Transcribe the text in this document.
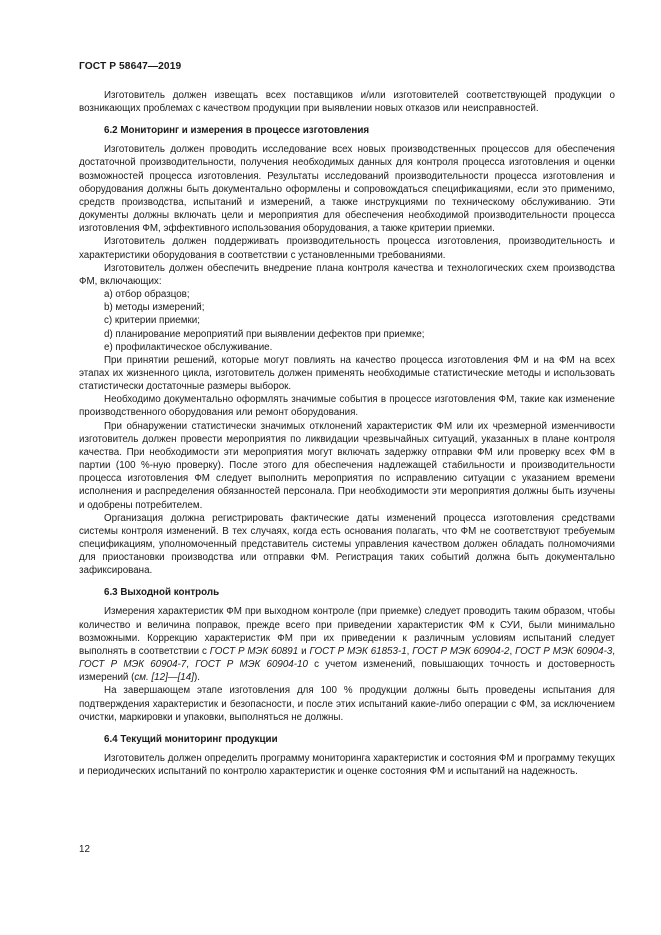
ГОСТ Р 58647—2019

Изготовитель должен извещать всех поставщиков и/или изготовителей соответствующей продукции о возникающих проблемах с качеством продукции при выявлении новых отказов или неисправностей.

6.2 Мониторинг и измерения в процессе изготовления

Изготовитель должен проводить исследование всех новых производственных процессов для обеспечения достаточной производительности, получения необходимых данных для контроля процесса изготовления и оценки возможностей процесса изготовления. Результаты исследований производительности процесса изготовления и оборудования должны быть документально оформлены и сопровождаться спецификациями, если это применимо, средств производства, испытаний и измерений, а также инструкциями по техническому обслуживанию. Эти документы должны включать цели и мероприятия для обеспечения необходимой производительности процесса изготовления ФМ, эффективного использования оборудования, а также критерии приемки.

Изготовитель должен поддерживать производительность процесса изготовления, производительность и характеристики оборудования в соответствии с установленными требованиями.

Изготовитель должен обеспечить внедрение плана контроля качества и технологических схем производства ФМ, включающих:

a) отбор образцов;
b) методы измерений;
c) критерии приемки;
d) планирование мероприятий при выявлении дефектов при приемке;
e) профилактическое обслуживание.

При принятии решений, которые могут повлиять на качество процесса изготовления ФМ и на ФМ на всех этапах их жизненного цикла, изготовитель должен применять необходимые статистические методы и использовать статистически достаточные размеры выборок.

Необходимо документально оформлять значимые события в процессе изготовления ФМ, такие как изменение производственного оборудования или ремонт оборудования.

При обнаружении статистически значимых отклонений характеристик ФМ или их чрезмерной изменчивости изготовитель должен провести мероприятия по ликвидации чрезвычайных ситуаций, указанных в плане контроля качества. При необходимости эти мероприятия могут включать задержку отправки ФМ или проверку всех ФМ в партии (100 %-ную проверку). После этого для обеспечения надлежащей стабильности и производительности процесса изготовления ФМ следует выполнить мероприятия по исправлению ситуации с указанием времени исполнения и распределения обязанностей персонала. При необходимости эти мероприятия должны быть изучены и одобрены потребителем.

Организация должна регистрировать фактические даты изменений процесса изготовления средствами системы контроля изменений. В тех случаях, когда есть основания полагать, что ФМ не соответствуют требуемым спецификациям, уполномоченный представитель системы управления качеством должен обладать полномочиями для приостановки производства или отправки ФМ. Регистрация таких событий должна быть документально зафиксирована.

6.3 Выходной контроль

Измерения характеристик ФМ при выходном контроле (при приемке) следует проводить таким образом, чтобы количество и величина поправок, прежде всего при приведении характеристик ФМ к СУИ, были минимально возможными. Коррекцию характеристик ФМ при их приведении к различным условиям испытаний следует выполнять в соответствии с ГОСТ Р МЭК 60891 и ГОСТ Р МЭК 61853-1, ГОСТ Р МЭК 60904-2, ГОСТ Р МЭК 60904-3, ГОСТ Р МЭК 60904-7, ГОСТ Р МЭК 60904-10 с учетом изменений, повышающих точность и достоверность измерений (см. [12]—[14]).

На завершающем этапе изготовления для 100 % продукции должны быть проведены испытания для подтверждения характеристик и безопасности, и после этих испытаний какие-либо операции с ФМ, за исключением очистки, маркировки и упаковки, выполняться не должны.

6.4 Текущий мониторинг продукции

Изготовитель должен определить программу мониторинга характеристик и состояния ФМ и программу текущих и периодических испытаний по контролю характеристик и оценке состояния ФМ и испытаний на надежность.

12
